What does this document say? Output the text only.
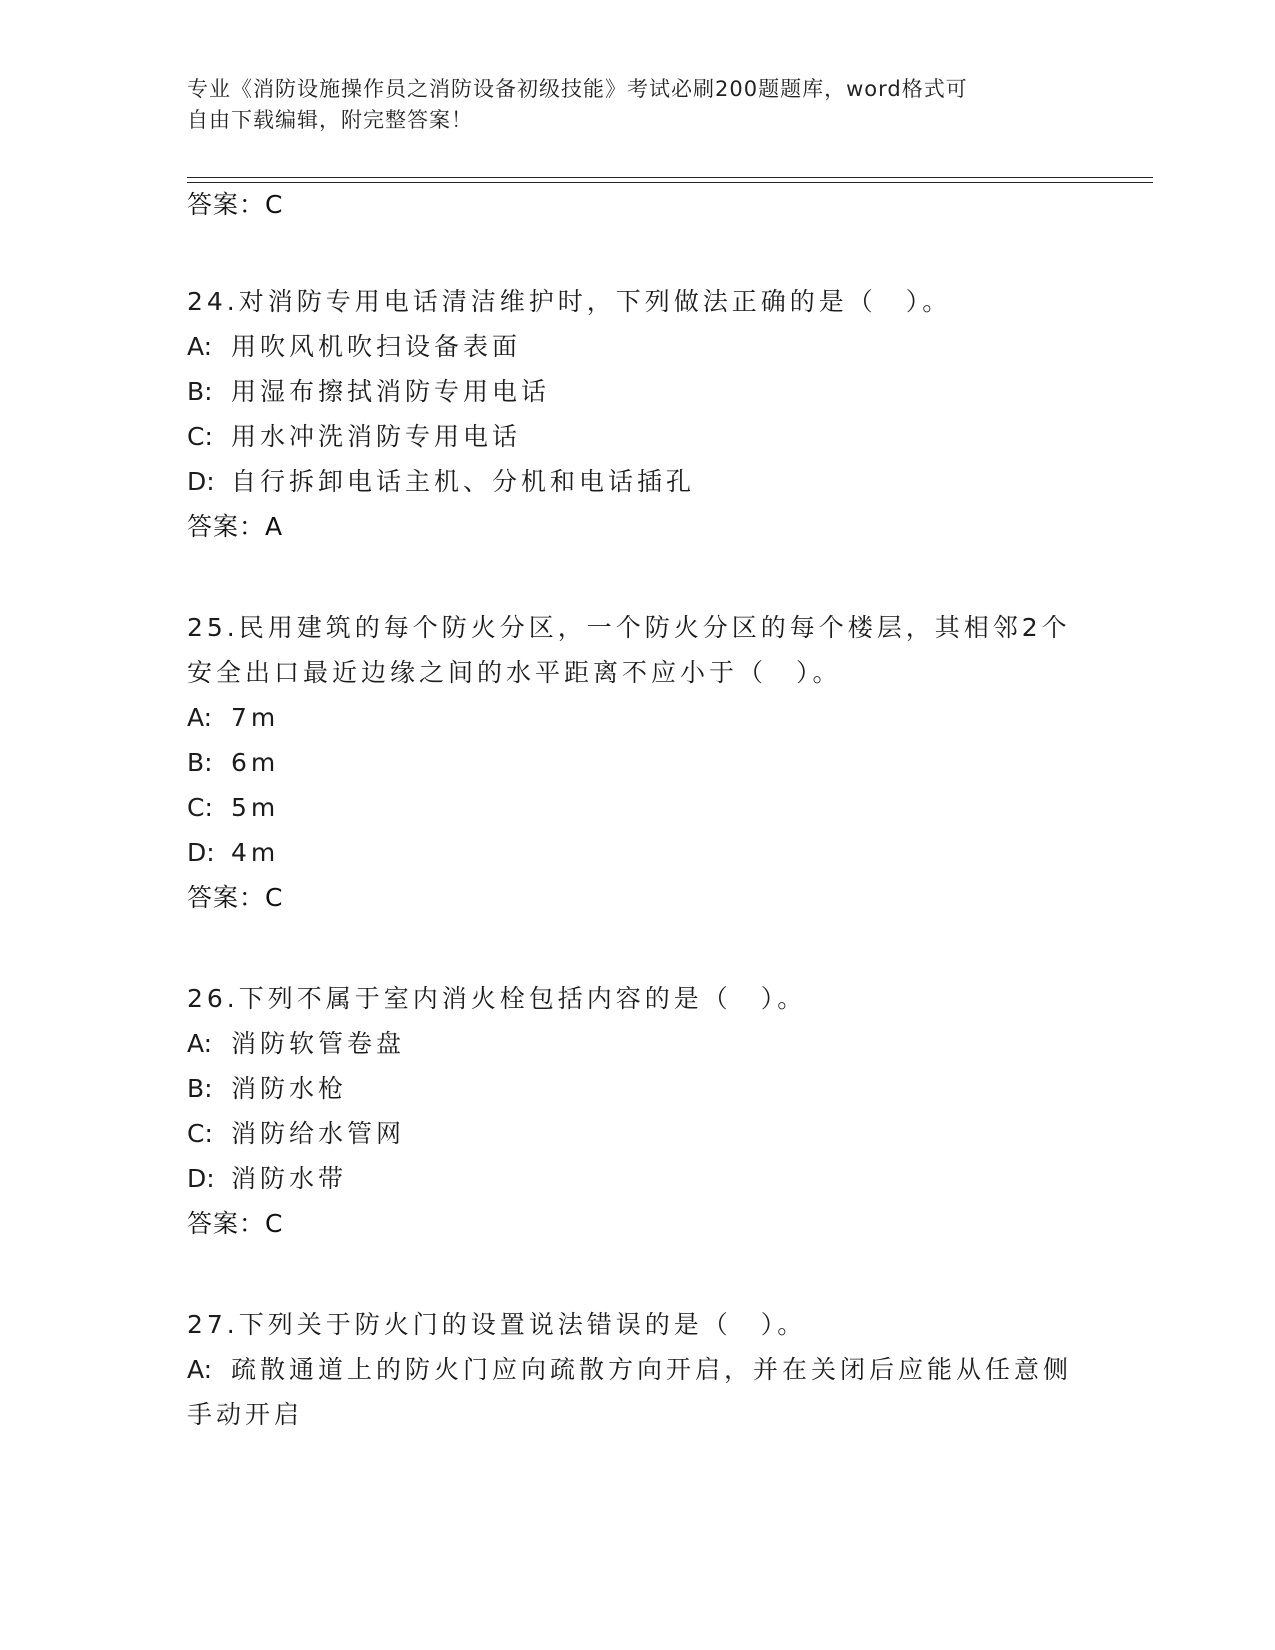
专业《消防设施操作员之消防设备初级技能》考试必刷200题题库，word格式可
自由下载编辑，附完整答案！
答案：C
24.对消防专用电话清洁维护时，下列做法正确的是（　）。
A: 用吹风机吹扫设备表面
B: 用湿布擦拭消防专用电话
C: 用水冲洗消防专用电话
D: 自行拆卸电话主机、分机和电话插孔
答案：A
25.民用建筑的每个防火分区，一个防火分区的每个楼层，其相邻2个
安全出口最近边缘之间的水平距离不应小于（　）。
A: 7m
B: 6m
C: 5m
D: 4m
答案：C
26.下列不属于室内消火栓包括内容的是（　）。
A: 消防软管卷盘
B: 消防水枪
C: 消防给水管网
D: 消防水带
答案：C
27.下列关于防火门的设置说法错误的是（　）。
A: 疏散通道上的防火门应向疏散方向开启，并在关闭后应能从任意侧
手动开启
